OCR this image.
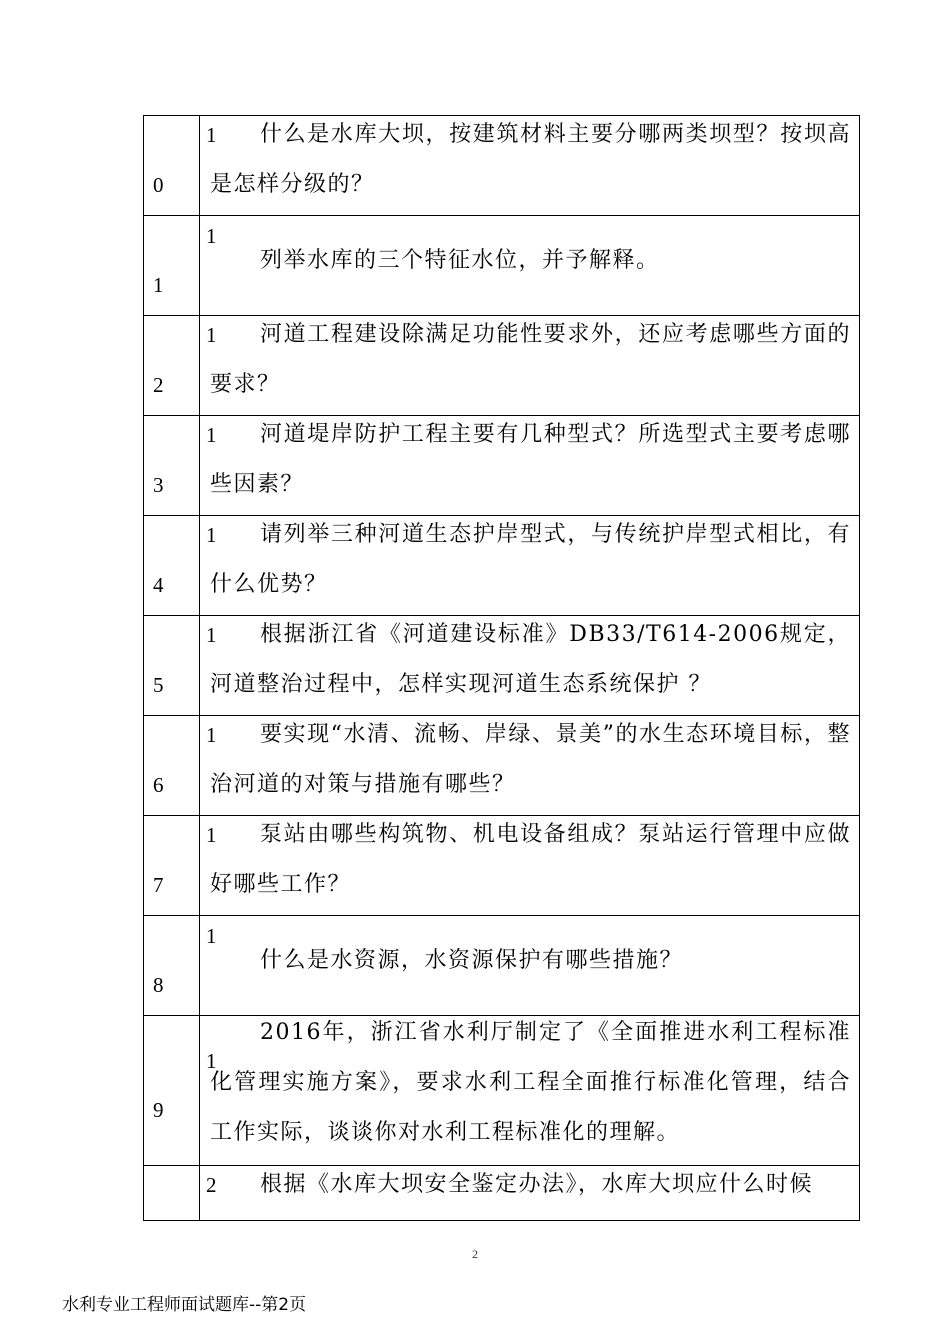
0	1 什么是水库大坝，按建筑材料主要分哪两类坝型？按坝高是怎样分级的？

1	1
列举水库的三个特征水位，并予解释。

2	1 河道工程建设除满足功能性要求外，还应考虑哪些方面的要求？

3	1 河道堤岸防护工程主要有几种型式？所选型式主要考虑哪些因素？

4	1 请列举三种河道生态护岸型式，与传统护岸型式相比，有什么优势？

5	1 根据浙江省《河道建设标准》DB33/T614-2006规定，河道整治过程中，怎样实现河道生态系统保护 ？

6	1 要实现“水清、流畅、岸绿、景美”的水生态环境目标，整治河道的对策与措施有哪些？

7	1 泵站由哪些构筑物、机电设备组成？泵站运行管理中应做好哪些工作？

8	1
什么是水资源，水资源保护有哪些措施？

9	1
2016年，浙江省水利厅制定了《全面推进水利工程标准化管理实施方案》，要求水利工程全面推行标准化管理，结合工作实际，谈谈你对水利工程标准化的理解。

	2 根据《水库大坝安全鉴定办法》，水库大坝应什么时候
2
水利专业工程师面试题库--第2页
